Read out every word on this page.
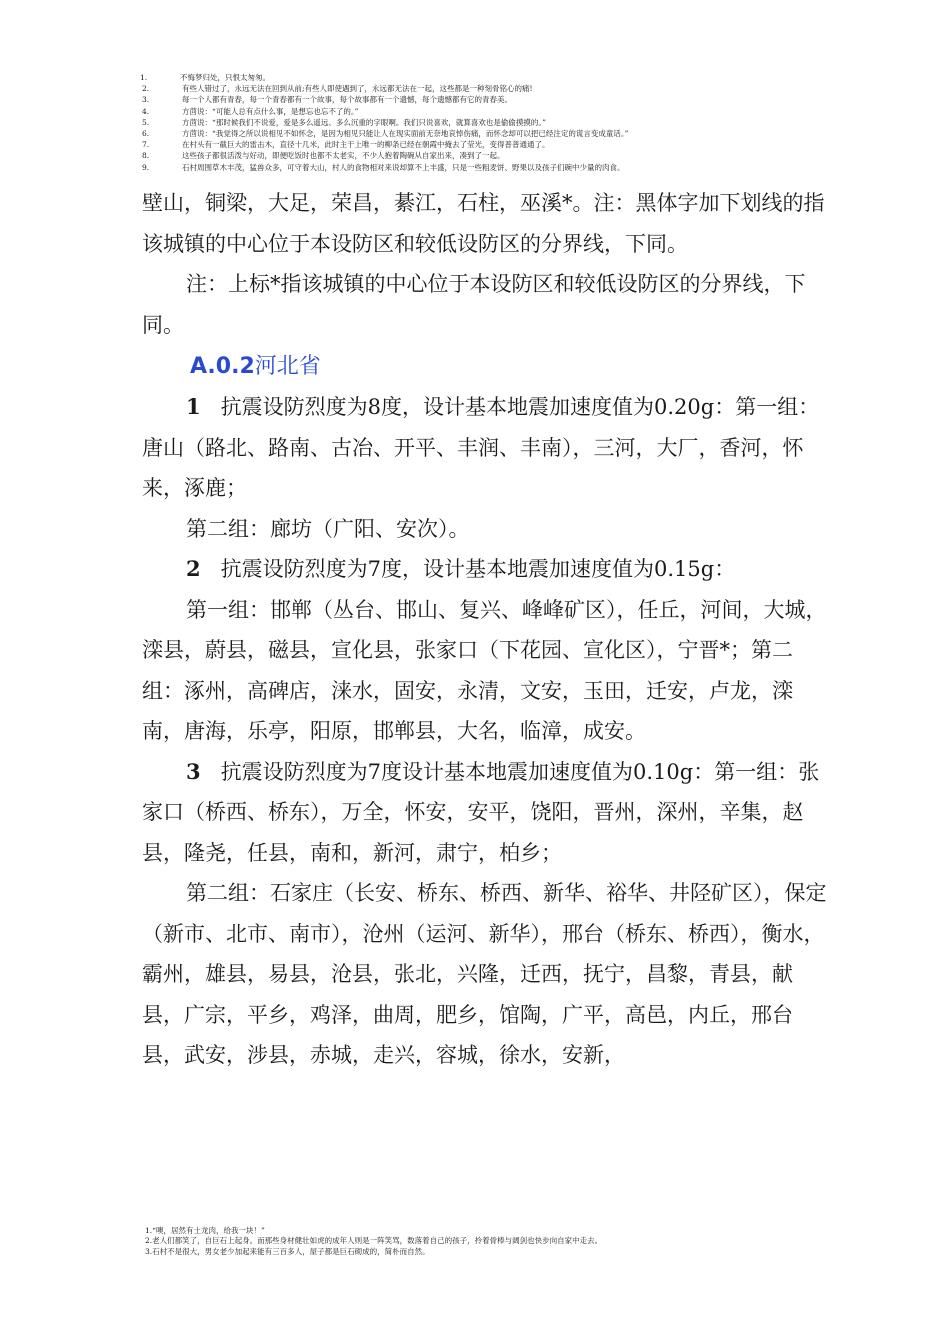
1.	不悔梦归处，只恨太匆匆。
2.	有些人错过了，永远无法在回到从前;有些人即使遇到了，永远都无法在一起，这些都是一种刻骨铭心的痛!
3.	每一个人都有青春，每一个青春都有一个故事，每个故事都有一个遗憾，每个遗憾都有它的青春美。
4.	方茴说：“可能人总有点什么事，是想忘也忘不了的。”
5.	方茴说：“那时候我们不说爱，爱是多么遥远、多么沉重的字眼啊。我们只说喜欢，就算喜欢也是偷偷摸摸的。”
6.	方茴说：“我觉得之所以说相见不如怀念，是因为相见只能让人在现实面前无奈地哀悼伤痛，而怀念却可以把已经注定的谎言变成童话。”
7.	在村头有一截巨大的雷击木，直径十几米，此时主干上唯一的柳条已经在朝霞中掩去了莹光，变得普普通通了。
8.	这些孩子都很活泼与好动，即便吃饭时也都不太老实，不少人抱着陶碗从自家出来，凑到了一起。
9.	石村周围草木丰茂，猛兽众多，可守着大山，村人的食物相对来说却算不上丰盛，只是一些粗麦饼、野果以及孩子们碗中少量的肉食。

壁山，铜梁，大足，荣昌，綦江，石柱，巫溪*。注：黑体字加下划线的指该城镇的中心位于本设防区和较低设防区的分界线，下同。

注：上标*指该城镇的中心位于本设防区和较低设防区的分界线，下同。

A.0.2河北省

1 抗震设防烈度为8度，设计基本地震加速度值为0.20g：第一组：唐山（路北、路南、古冶、开平、丰润、丰南），三河，大厂，香河，怀来，涿鹿；

第二组：廊坊（广阳、安次）。

2 抗震设防烈度为7度，设计基本地震加速度值为0.15g：

第一组：邯郸（丛台、邯山、复兴、峰峰矿区），任丘，河间，大城，滦县，蔚县，磁县，宣化县，张家口（下花园、宣化区），宁晋*；第二组：涿州，高碑店，涞水，固安，永清，文安，玉田，迁安，卢龙，滦南，唐海，乐亭，阳原，邯郸县，大名，临漳，成安。

3 抗震设防烈度为7度设计基本地震加速度值为0.10g：第一组：张家口（桥西、桥东），万全，怀安，安平，饶阳，晋州，深州，辛集，赵县，隆尧，任县，南和，新河，肃宁，柏乡；

第二组：石家庄（长安、桥东、桥西、新华、裕华、井陉矿区），保定（新市、北市、南市），沧州（运河、新华），邢台（桥东、桥西），衡水，霸州，雄县，易县，沧县，张北，兴隆，迁西，抚宁，昌黎，青县，献县，广宗，平乡，鸡泽，曲周，肥乡，馆陶，广平，高邑，内丘，邢台县，武安，涉县，赤城，走兴，容城，徐水，安新，

1.“噢，居然有土龙肉，给我一块！”
2.老人们都笑了，自巨石上起身。而那些身材健壮如虎的成年人则是一阵笑骂，数落着自己的孩子，拎着骨棒与阔剑也快步向自家中走去。
3.石村不是很大，男女老少加起来能有三百多人，屋子都是巨石砌成的，简朴而自然。
